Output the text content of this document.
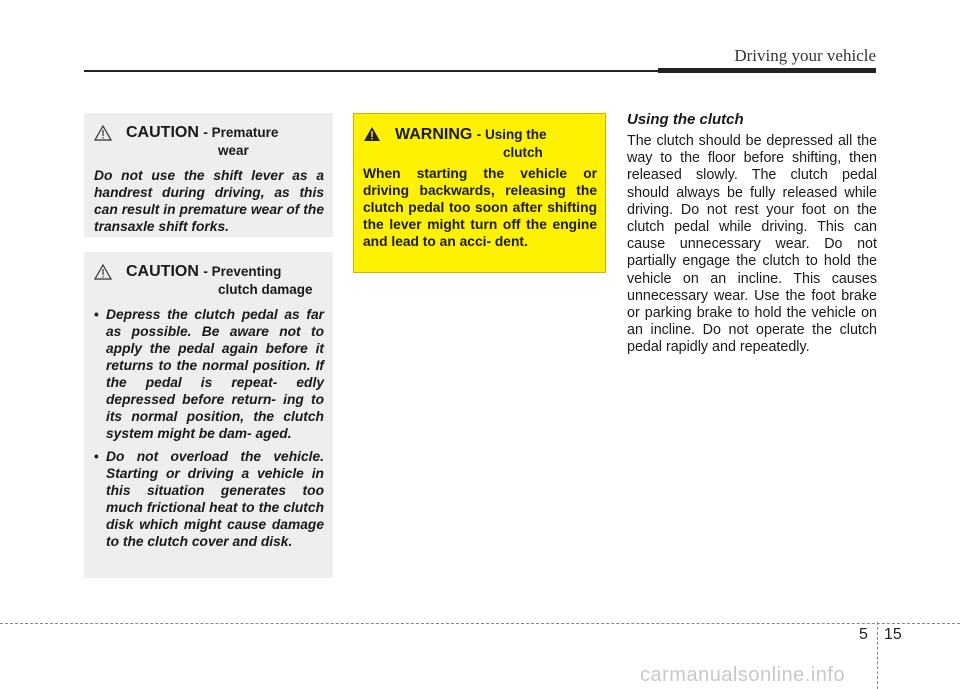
Driving your vehicle
CAUTION - Premature
wear
Do not use the shift lever as a handrest during driving, as this can result in premature wear of the transaxle shift forks.
CAUTION - Preventing
clutch damage
• Depress the clutch pedal as far as possible. Be aware not to apply the pedal again before it returns to the normal position. If the pedal is repeat- edly depressed before return- ing to its normal position, the clutch system might be dam- aged.
• Do not overload the vehicle. Starting or driving a vehicle in this situation generates too much frictional heat to the clutch disk which might cause damage to the clutch cover and disk.
WARNING - Using the
clutch
When starting the vehicle or driving backwards, releasing the clutch pedal too soon after shifting the lever might turn off the engine and lead to an acci- dent.
Using the clutch
The clutch should be depressed all the way to the floor before shifting, then released slowly. The clutch pedal should always be fully released while driving. Do not rest your foot on the clutch pedal while driving. This can cause unnecessary wear. Do not partially engage the clutch to hold the vehicle on an incline. This causes unnecessary wear. Use the foot brake or parking brake to hold the vehicle on an incline. Do not operate the clutch pedal rapidly and repeatedly.
5 15
carmanualsonline.info
